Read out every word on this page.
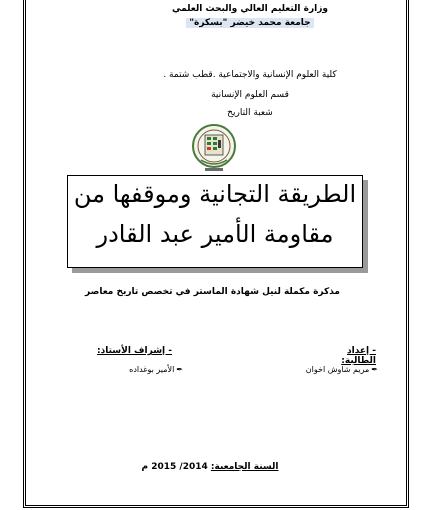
وزارة التعليم العالي والبحث العلمي
جامعة محمد خيضر "بسكرة"
كلية العلوم الإنسانية والاجتماعية .قطب شتمة .
قسم العلوم الإنسانية
شعبة التاريخ
الطريقة التجانية وموقفها من
مقاومة الأمير عبد القادر
مذكرة مكملة لنيل شهادة الماستر في تخصص تاريخ معاصر
- إعداد الطالبة:
- إشراف الأستاذ:
✒مريم شاوش اخوان
✒الأمير بوغداده
السنة الجامعية: 2014/ 2015 م
